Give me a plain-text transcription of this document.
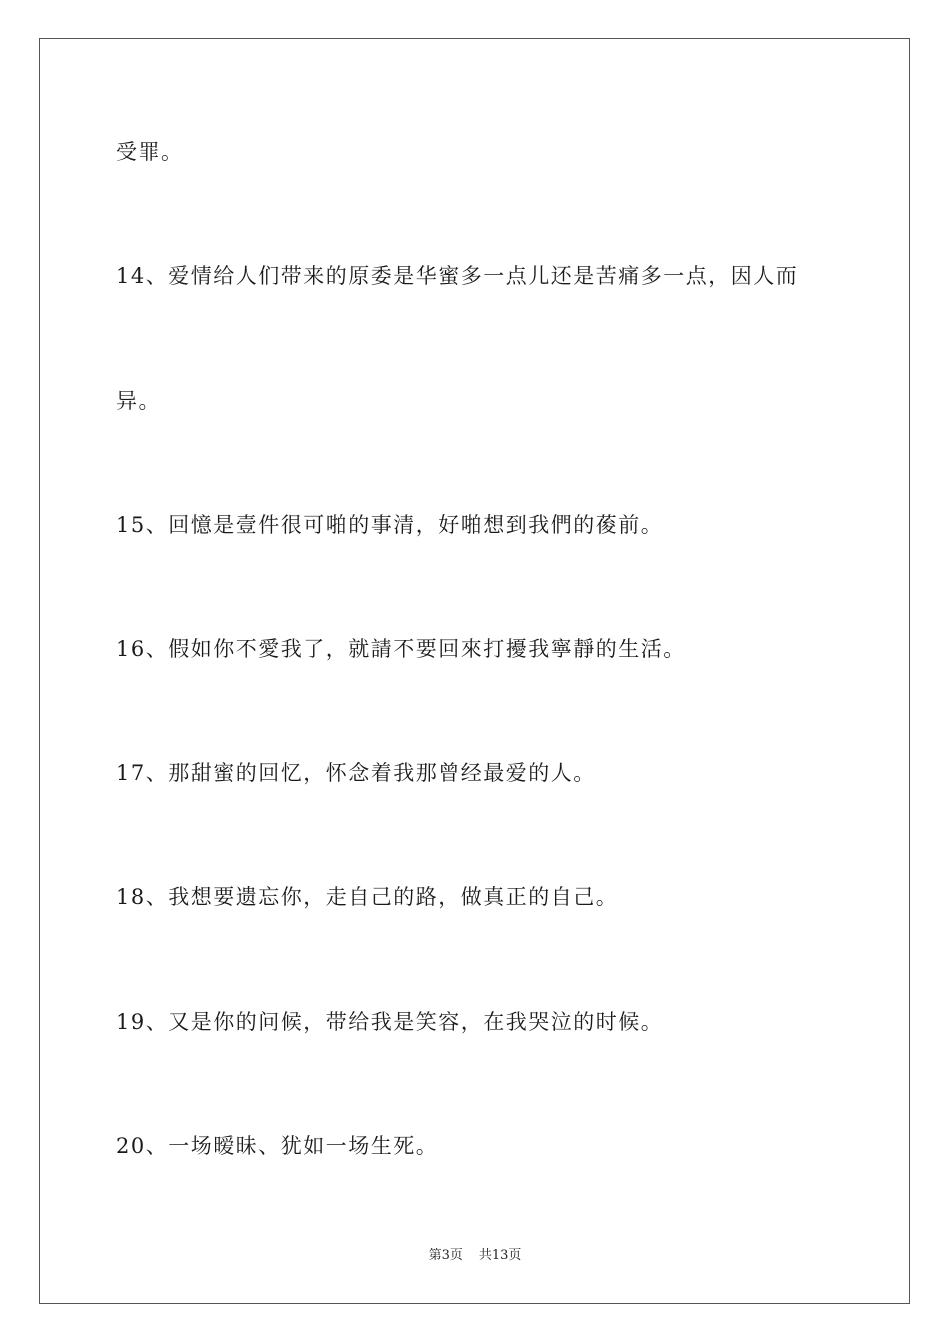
受罪。
14、爱情给人们带来的原委是华蜜多一点儿还是苦痛多一点，因人而
异。
15、回憶是壹件很可啪的事清，好啪想到我們的葰前。
16、假如你不愛我了，就請不要回來打擾我寧靜的生活。
17、那甜蜜的回忆，怀念着我那曾经最爱的人。
18、我想要遗忘你，走自己的路，做真正的自己。
19、又是你的问候，带给我是笑容，在我哭泣的时候。
20、一场暧昧、犹如一场生死。
第3页 共13页
